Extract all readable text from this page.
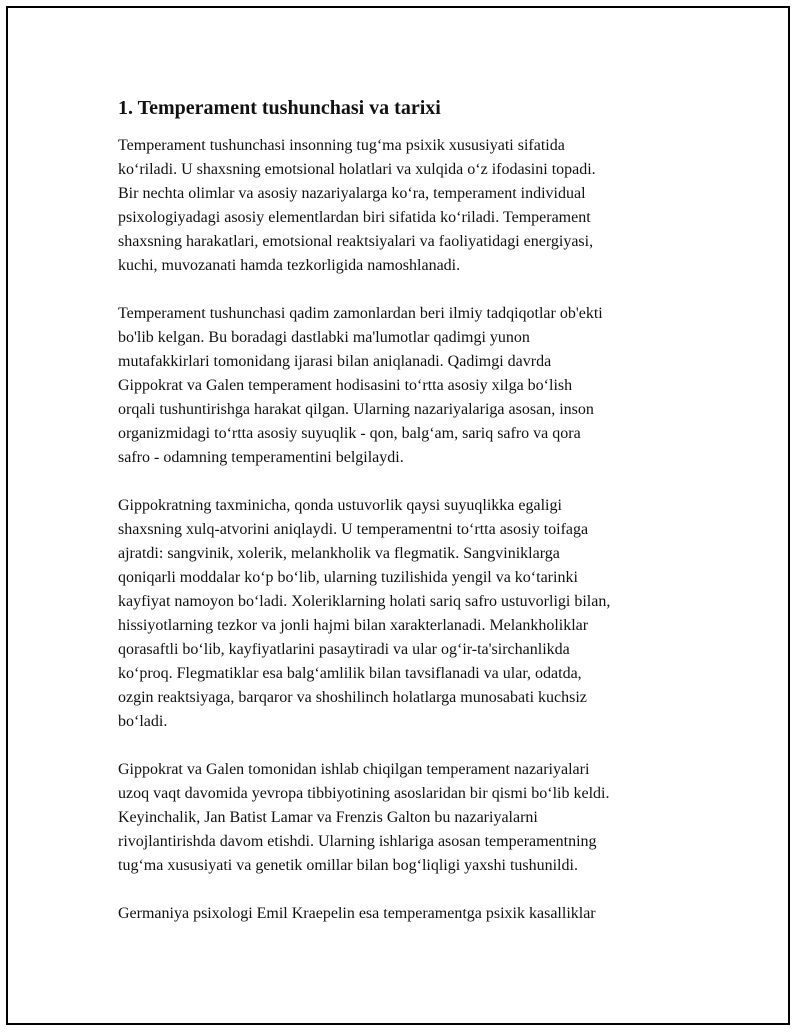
1. Temperament tushunchasi va tarixi

Temperament tushunchasi insonning tug‘ma psixik xususiyati sifatida
ko‘riladi. U shaxsning emotsional holatlari va xulqida o‘z ifodasini topadi.
Bir nechta olimlar va asosiy nazariyalarga ko‘ra, temperament individual
psixologiyadagi asosiy elementlardan biri sifatida ko‘riladi. Temperament
shaxsning harakatlari, emotsional reaktsiyalari va faoliyatidagi energiyasi,
kuchi, muvozanati hamda tezkorligida namoshlanadi.

Temperament tushunchasi qadim zamonlardan beri ilmiy tadqiqotlar ob'ekti
bo'lib kelgan. Bu boradagi dastlabki ma'lumotlar qadimgi yunon
mutafakkirlari tomonidang ijarasi bilan aniqlanadi. Qadimgi davrda
Gippokrat va Galen temperament hodisasini to‘rtta asosiy xilga bo‘lish
orqali tushuntirishga harakat qilgan. Ularning nazariyalariga asosan, inson
organizmidagi to‘rtta asosiy suyuqlik - qon, balg‘am, sariq safro va qora
safro - odamning temperamentini belgilaydi.

Gippokratning taxminicha, qonda ustuvorlik qaysi suyuqlikka egaligi
shaxsning xulq-atvorini aniqlaydi. U temperamentni to‘rtta asosiy toifaga
ajratdi: sangvinik, xolerik, melankholik va flegmatik. Sangviniklarga
qoniqarli moddalar ko‘p bo‘lib, ularning tuzilishida yengil va ko‘tarinki
kayfiyat namoyon bo‘ladi. Xoleriklarning holati sariq safro ustuvorligi bilan,
hissiyotlarning tezkor va jonli hajmi bilan xarakterlanadi. Melankholiklar
qorasaftli bo‘lib, kayfiyatlarini pasaytiradi va ular og‘ir-ta'sirchanlikda
ko‘proq. Flegmatiklar esa balg‘amlilik bilan tavsiflanadi va ular, odatda,
ozgin reaktsiyaga, barqaror va shoshilinch holatlarga munosabati kuchsiz
bo‘ladi.

Gippokrat va Galen tomonidan ishlab chiqilgan temperament nazariyalari
uzoq vaqt davomida yevropa tibbiyotining asoslaridan bir qismi bo‘lib keldi.
Keyinchalik, Jan Batist Lamar va Frenzis Galton bu nazariyalarni
rivojlantirishda davom etishdi. Ularning ishlariga asosan temperamentning
tug‘ma xususiyati va genetik omillar bilan bog‘liqligi yaxshi tushunildi.

Germaniya psixologi Emil Kraepelin esa temperamentga psixik kasalliklar
